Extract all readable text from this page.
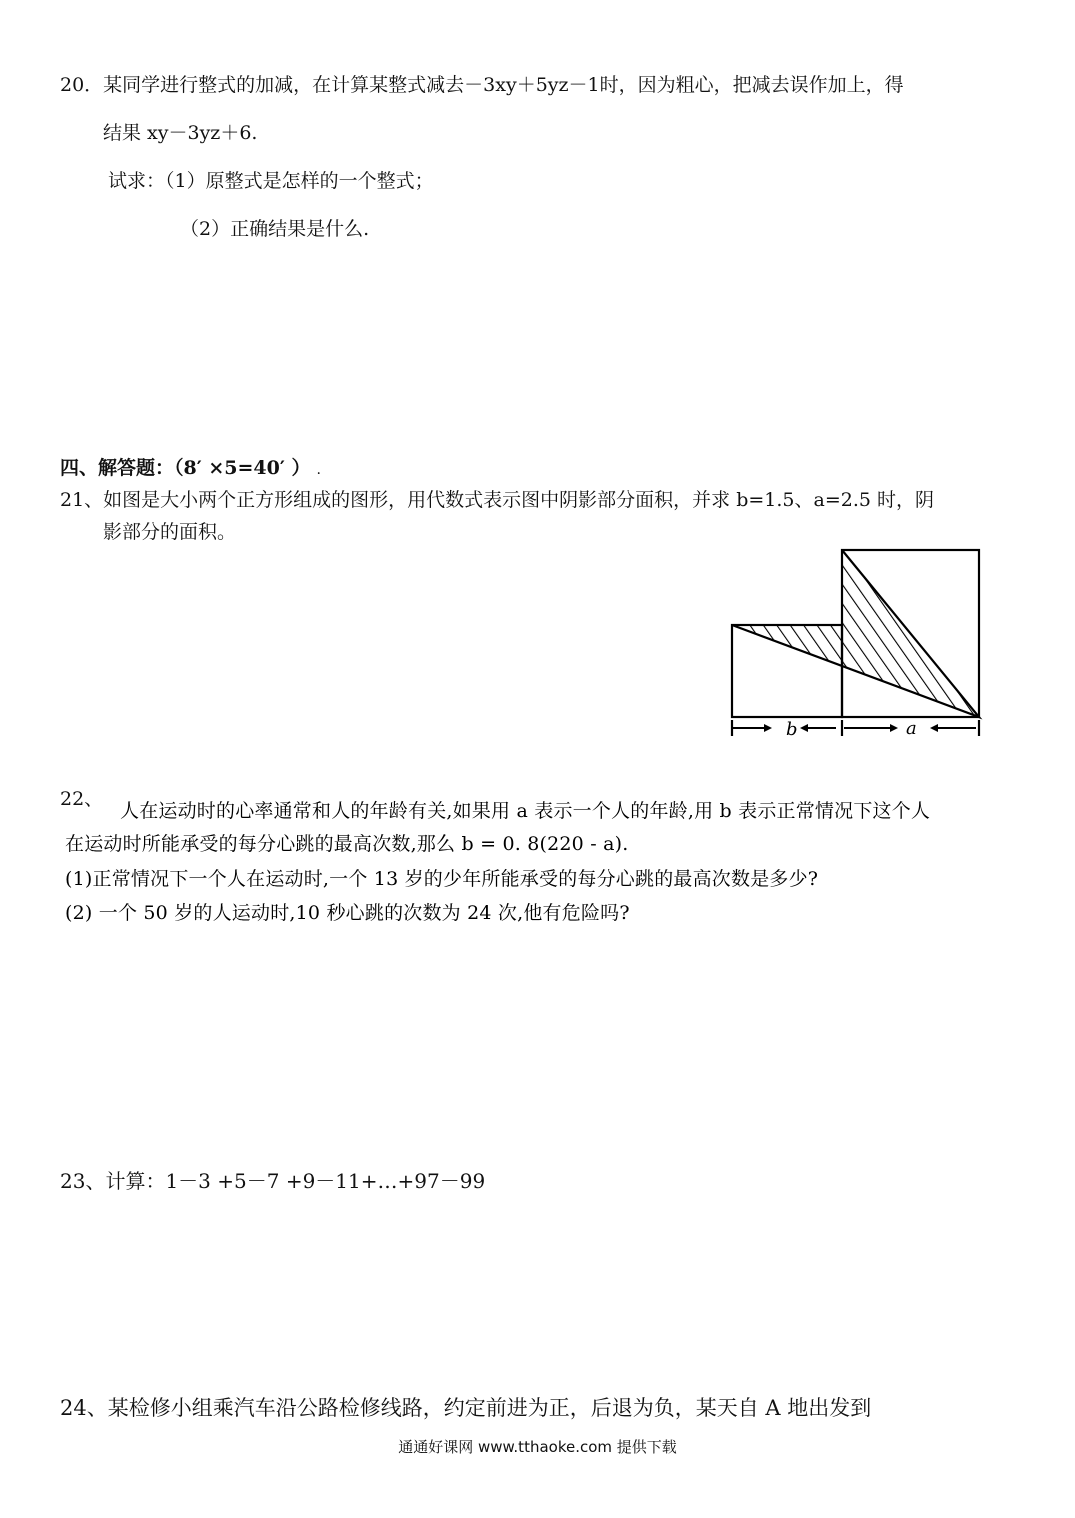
20．某同学进行整式的加减，在计算某整式减去－3xy＋5yz－1时，因为粗心，把减去误作加上，得
结果 xy－3yz＋6.
试求：（1）原整式是怎样的一个整式；
（2）正确结果是什么.
四、解答题：（8′ ×5=40′ ） .
21、如图是大小两个正方形组成的图形，用代数式表示图中阴影部分面积，并求 b=1.5、a=2.5 时，阴
影部分的面积。
b	a
22、
人在运动时的心率通常和人的年龄有关,如果用 a 表示一个人的年龄,用 b 表示正常情况下这个人
在运动时所能承受的每分心跳的最高次数,那么 b = 0. 8(220 - a).
(1)正常情况下一个人在运动时,一个 13 岁的少年所能承受的每分心跳的最高次数是多少?
(2) 一个 50 岁的人运动时,10 秒心跳的次数为 24 次,他有危险吗?
23、计算：1－3 +5－7 +9－11+…+97－99
24、某检修小组乘汽车沿公路检修线路，约定前进为正，后退为负，某天自 A 地出发到
通通好课网 www.tthaoke.com 提供下载
